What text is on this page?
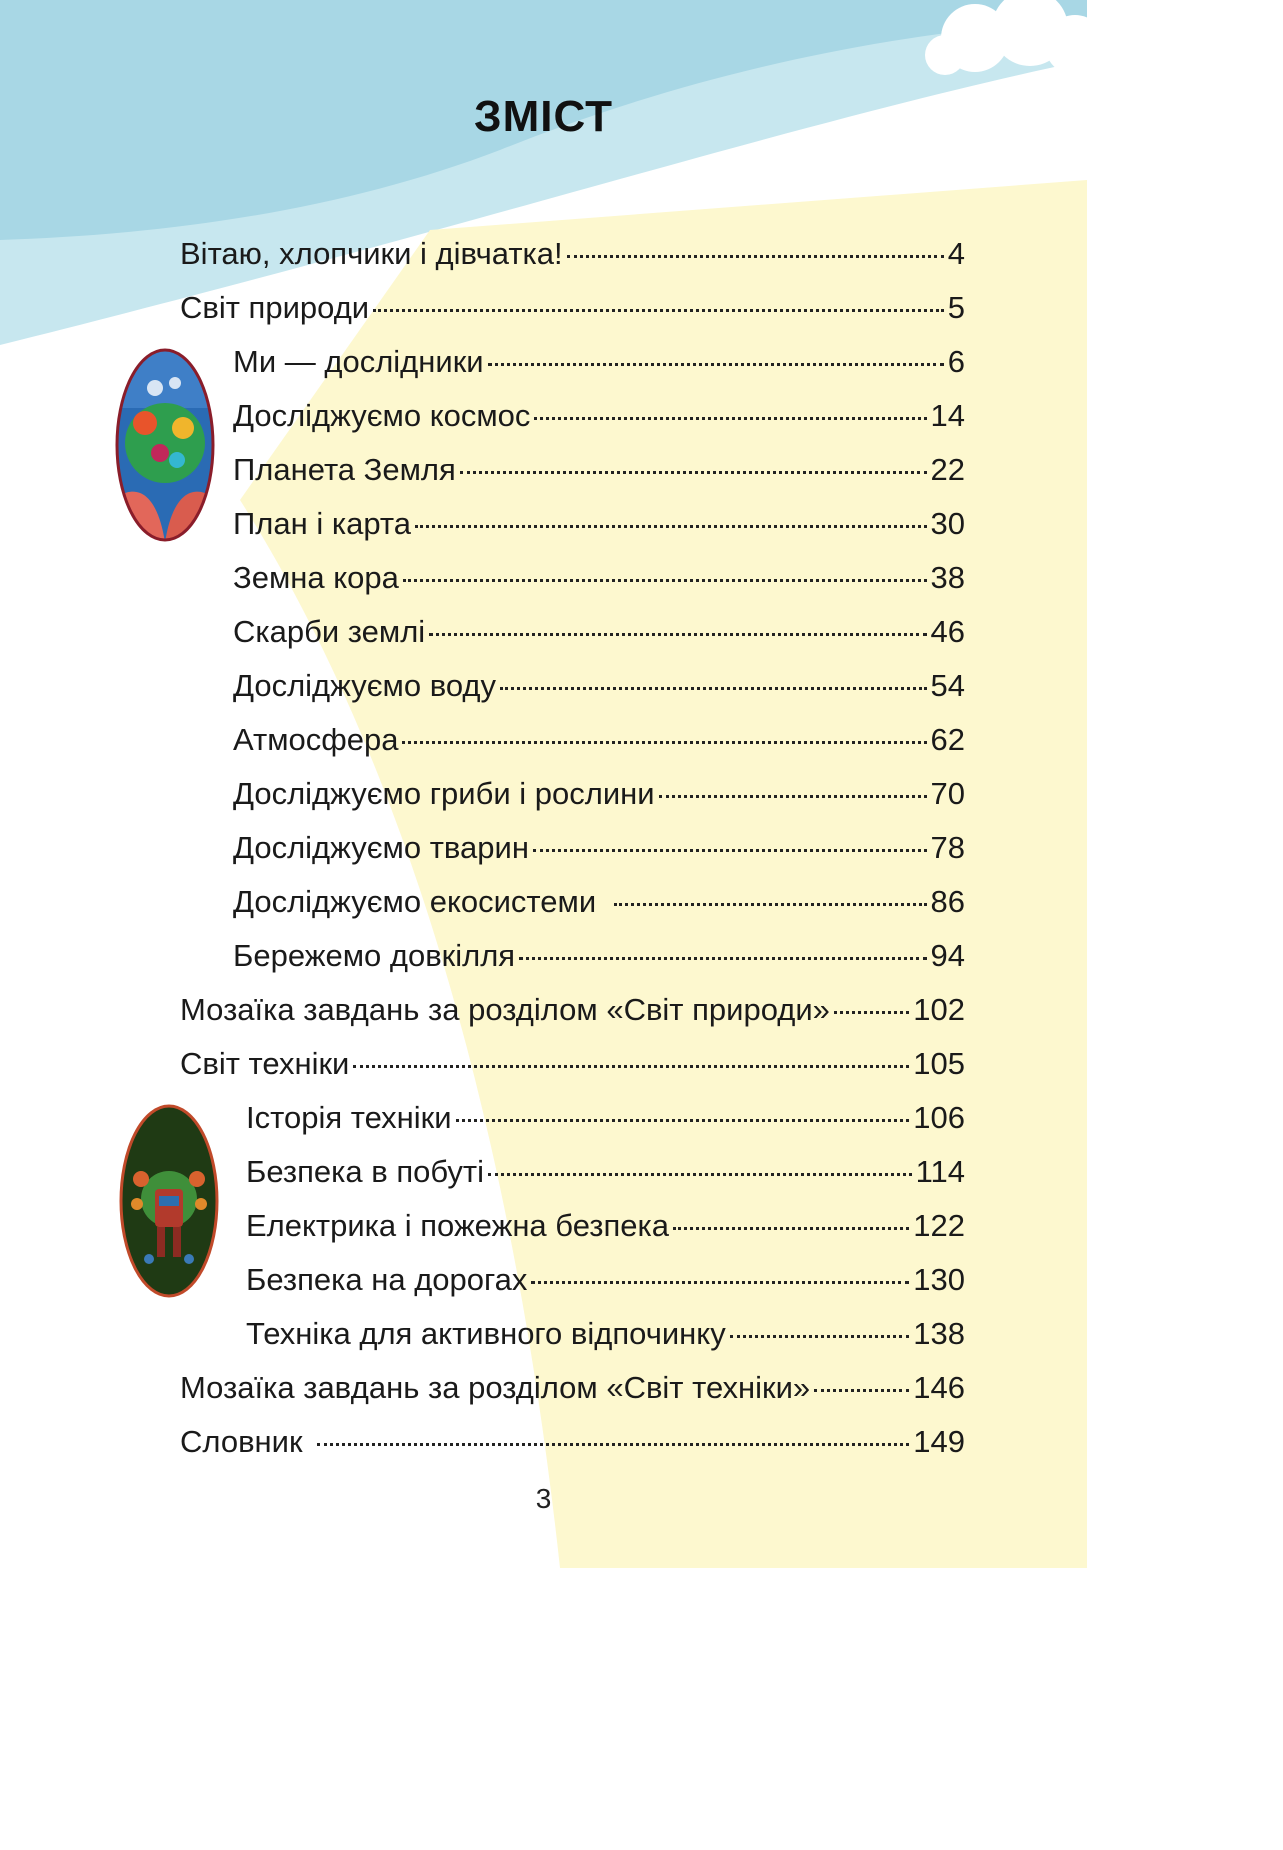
ЗМІСТ
Вітаю, хлопчики і дівчатка!	4
Світ природи	5
Ми — дослідники	6
Досліджуємо космос	14
Планета Земля	22
План і карта	30
Земна кора	38
Скарби землі	46
Досліджуємо воду	54
Атмосфера	62
Досліджуємо гриби і рослини	70
Досліджуємо тварин	78
Досліджуємо екосистеми	86
Бережемо довкілля	94
Мозаїка завдань за розділом «Світ природи»	102
Світ техніки	105
Історія техніки	106
Безпека в побуті	114
Електрика і пожежна безпека	122
Безпека на дорогах	130
Техніка для активного відпочинку	138
Мозаїка завдань за розділом «Світ техніки»	146
Словник	149
3
